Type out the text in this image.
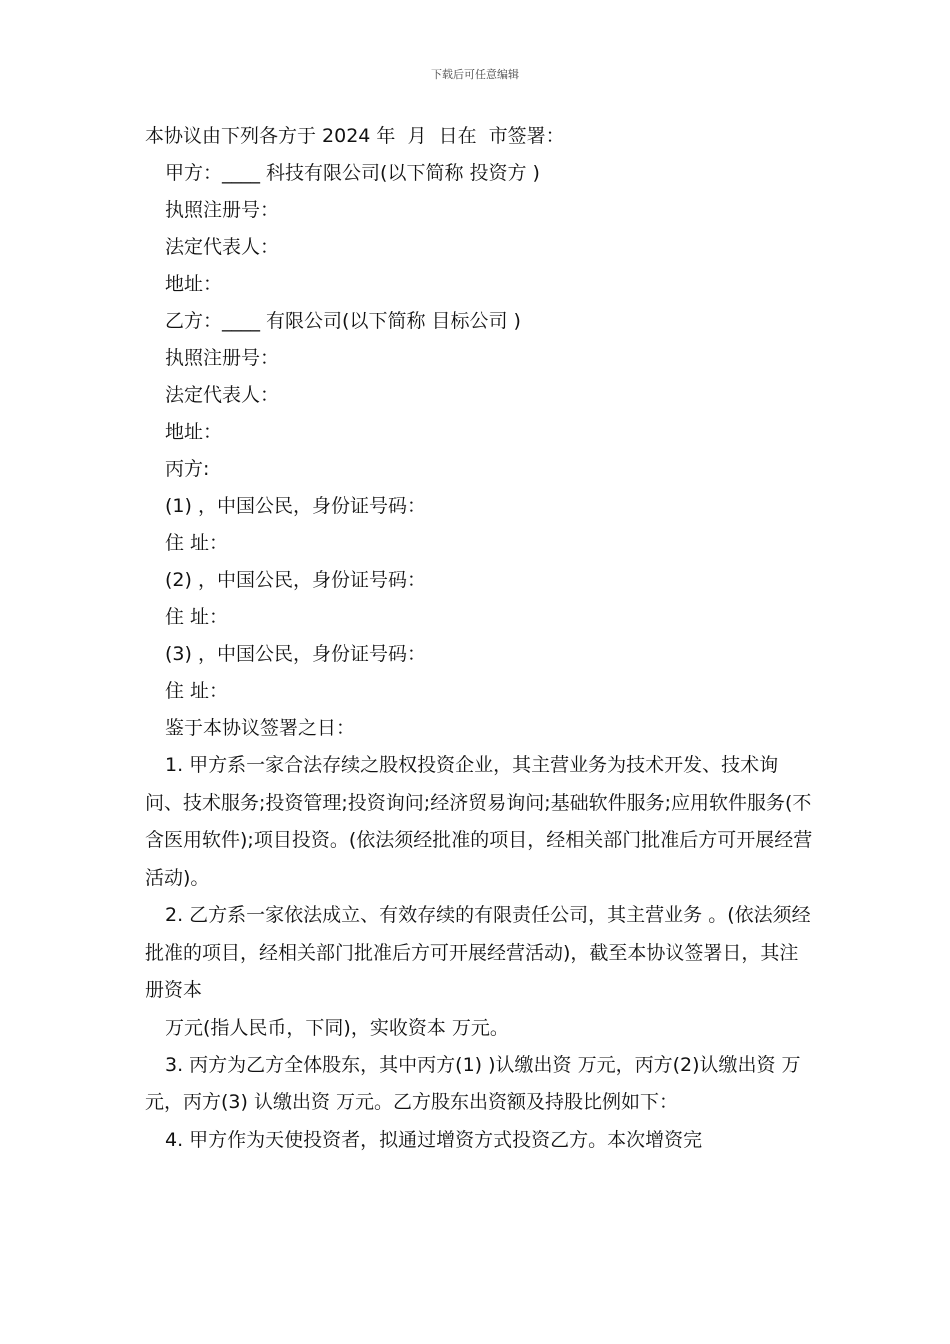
下载后可任意编辑

本协议由下列各方于 2024 年  月  日在  市签署：

甲方：____ 科技有限公司(以下简称 投资方 )

执照注册号：

法定代表人：

地址：

乙方：____ 有限公司(以下简称 目标公司 )

执照注册号：

法定代表人：

地址：

丙方:

(1) ，中国公民，身份证号码：

住 址：

(2) ，中国公民，身份证号码：

住 址：

(3) ，中国公民，身份证号码：

住 址：

鉴于本协议签署之日：

1. 甲方系一家合法存续之股权投资企业，其主营业务为技术开发、技术询问、技术服务;投资管理;投资询问;经济贸易询问;基础软件服务;应用软件服务(不含医用软件);项目投资。(依法须经批准的项目，经相关部门批准后方可开展经营活动)。

2. 乙方系一家依法成立、有效存续的有限责任公司，其主营业务 。(依法须经批准的项目，经相关部门批准后方可开展经营活动)，截至本协议签署日，其注册资本

万元(指人民币，下同)，实收资本 万元。

3. 丙方为乙方全体股东，其中丙方(1) )认缴出资 万元，丙方(2)认缴出资 万元，丙方(3) 认缴出资 万元。乙方股东出资额及持股比例如下：

4. 甲方作为天使投资者，拟通过增资方式投资乙方。本次增资完
